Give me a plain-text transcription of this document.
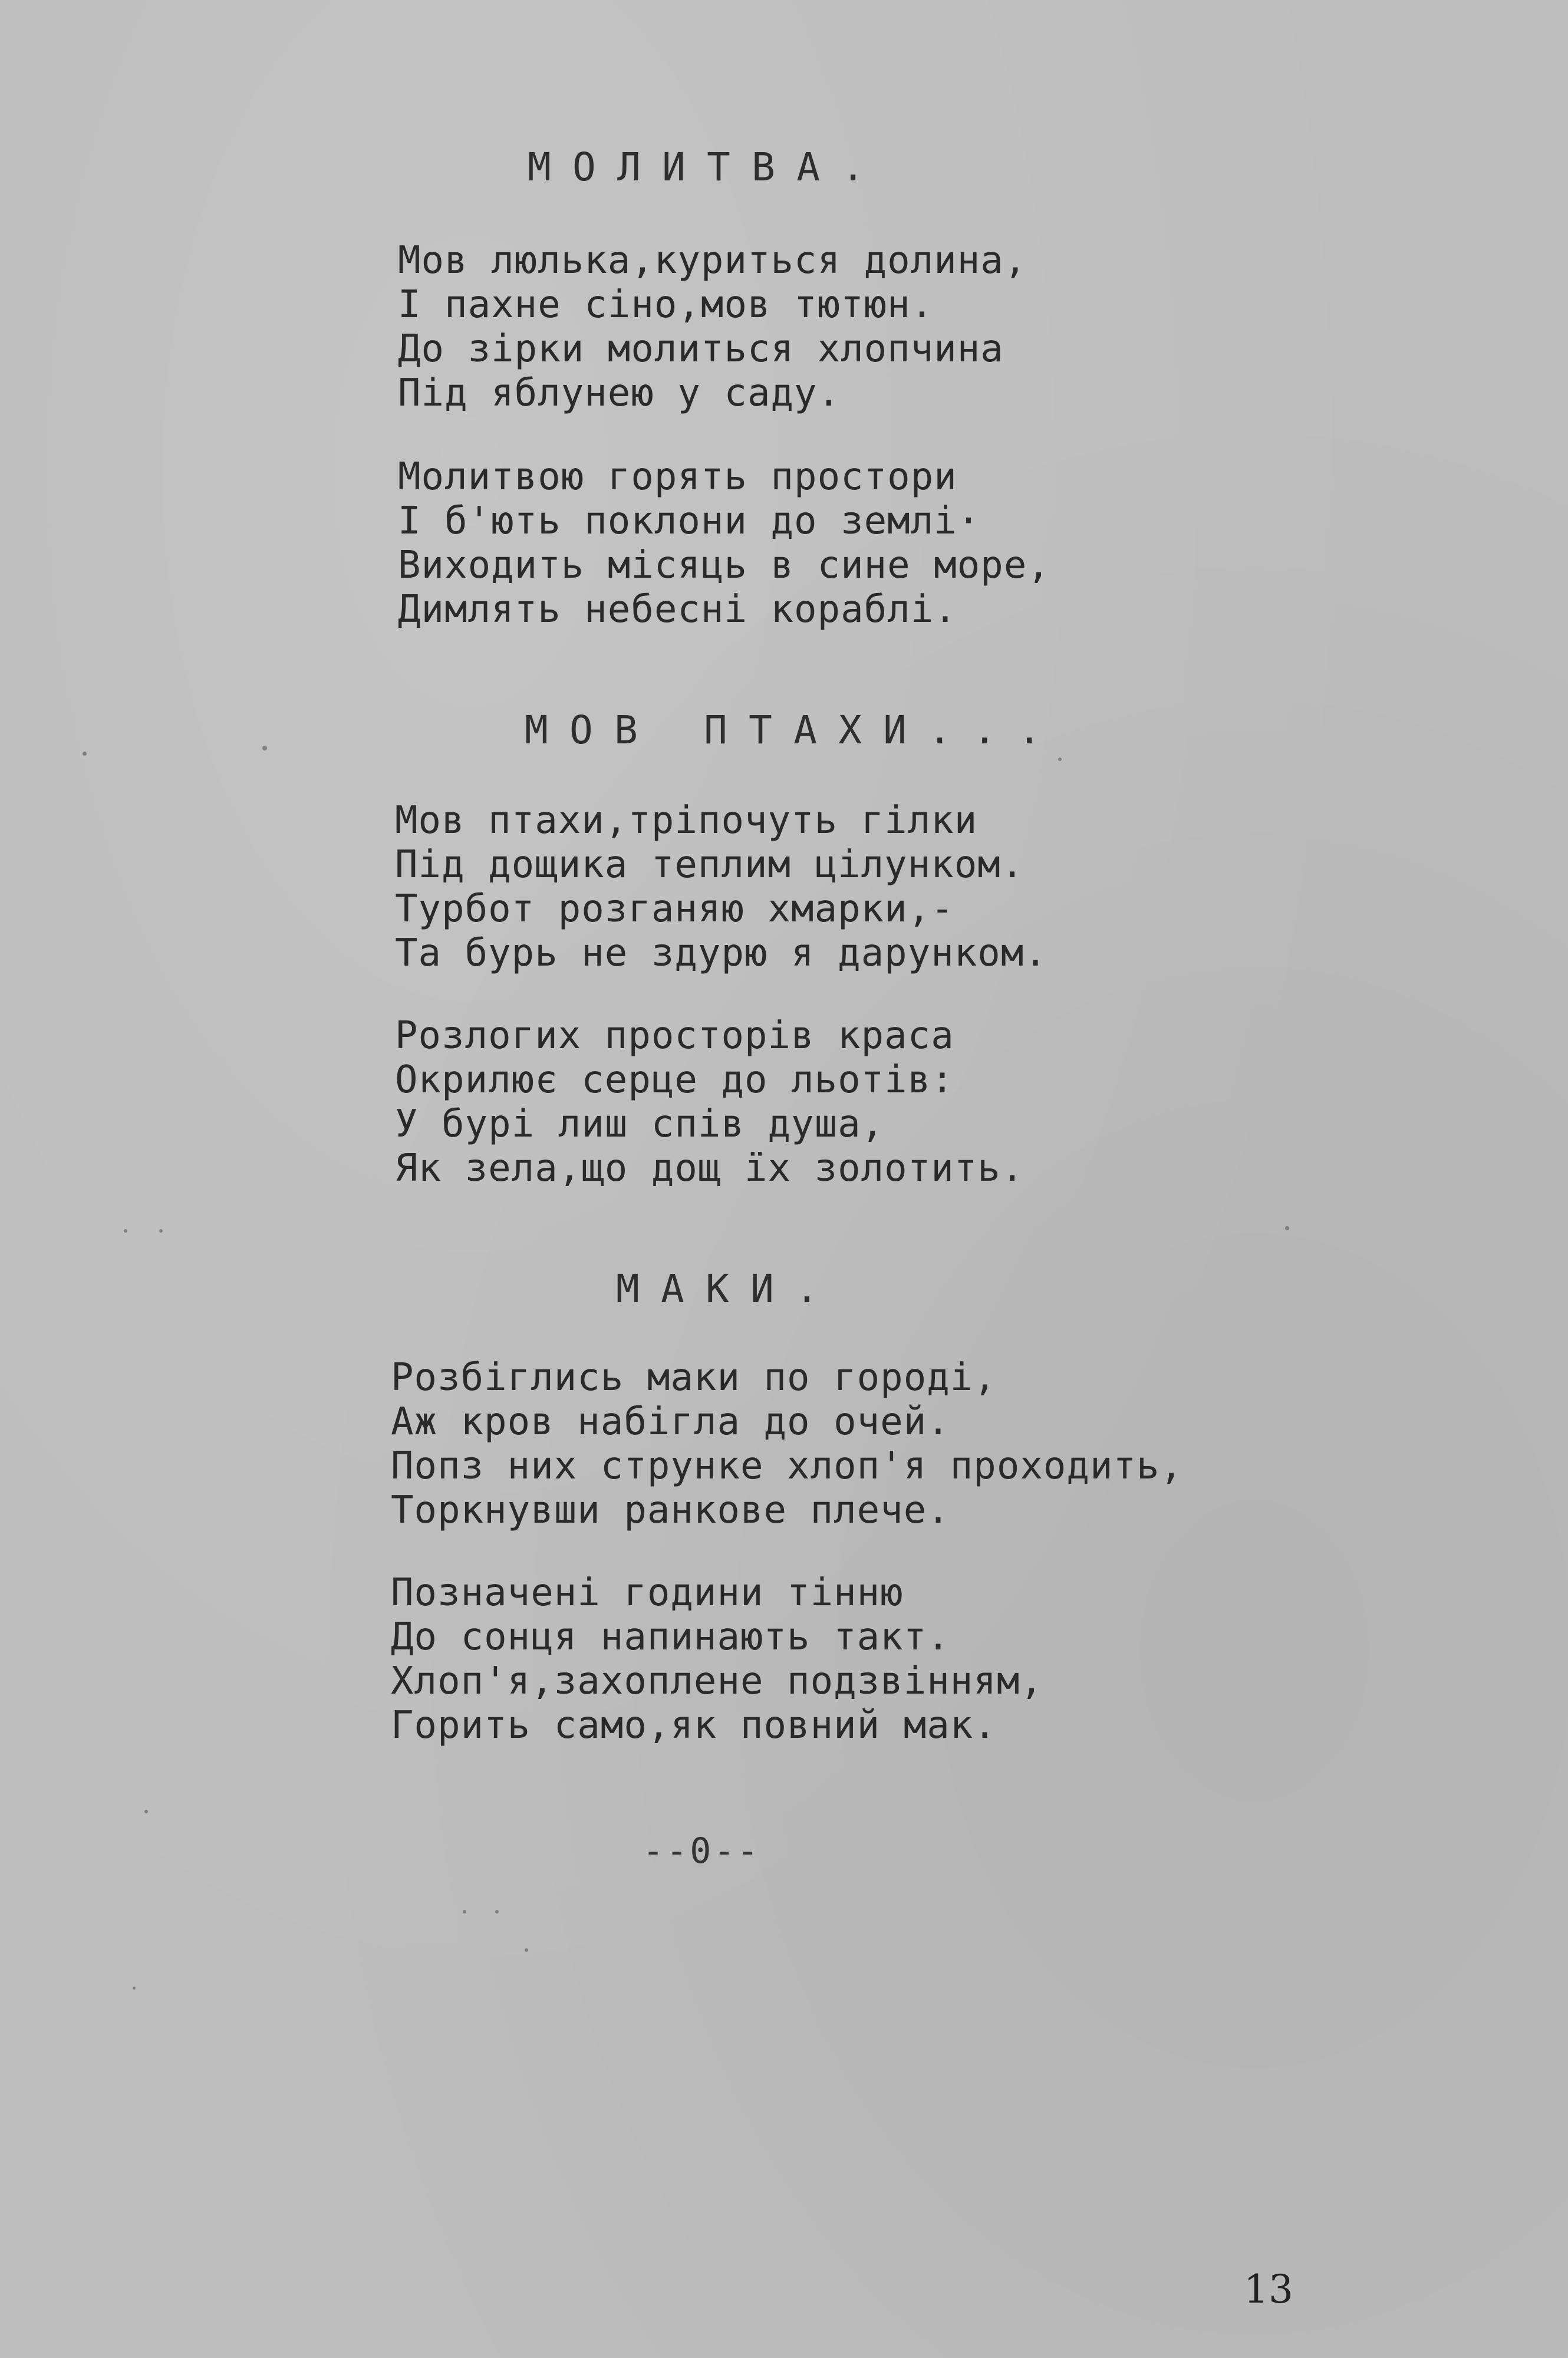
МОЛИТВА.
Мов люлька,куриться долина,
І пахне сіно,мов тютюн.
До зірки молиться хлопчина
Під яблунею у саду.
Молитвою горять простори
І б'ють поклони до землі·
Виходить місяць в сине море,
Димлять небесні кораблі.
МОВ ПТАХИ...
Мов птахи,тріпочуть гілки
Під дощика теплим цілунком.
Турбот розганяю хмарки,-
Та бурь не здурю я дарунком.
Розлогих просторів краса
Окрилює серце до льотів:
У бурі лиш спів душа,
Як зела,що дощ їх золотить.
МАКИ.
Розбіглись маки по городі,
Аж кров набігла до очей.
Попз них струнке хлоп'я проходить,
Торкнувши ранкове плече.
Позначені години тінню
До сонця напинають такт.
Хлоп'я,захоплене подзвінням,
Горить само,як повний мак.
--0--
13
